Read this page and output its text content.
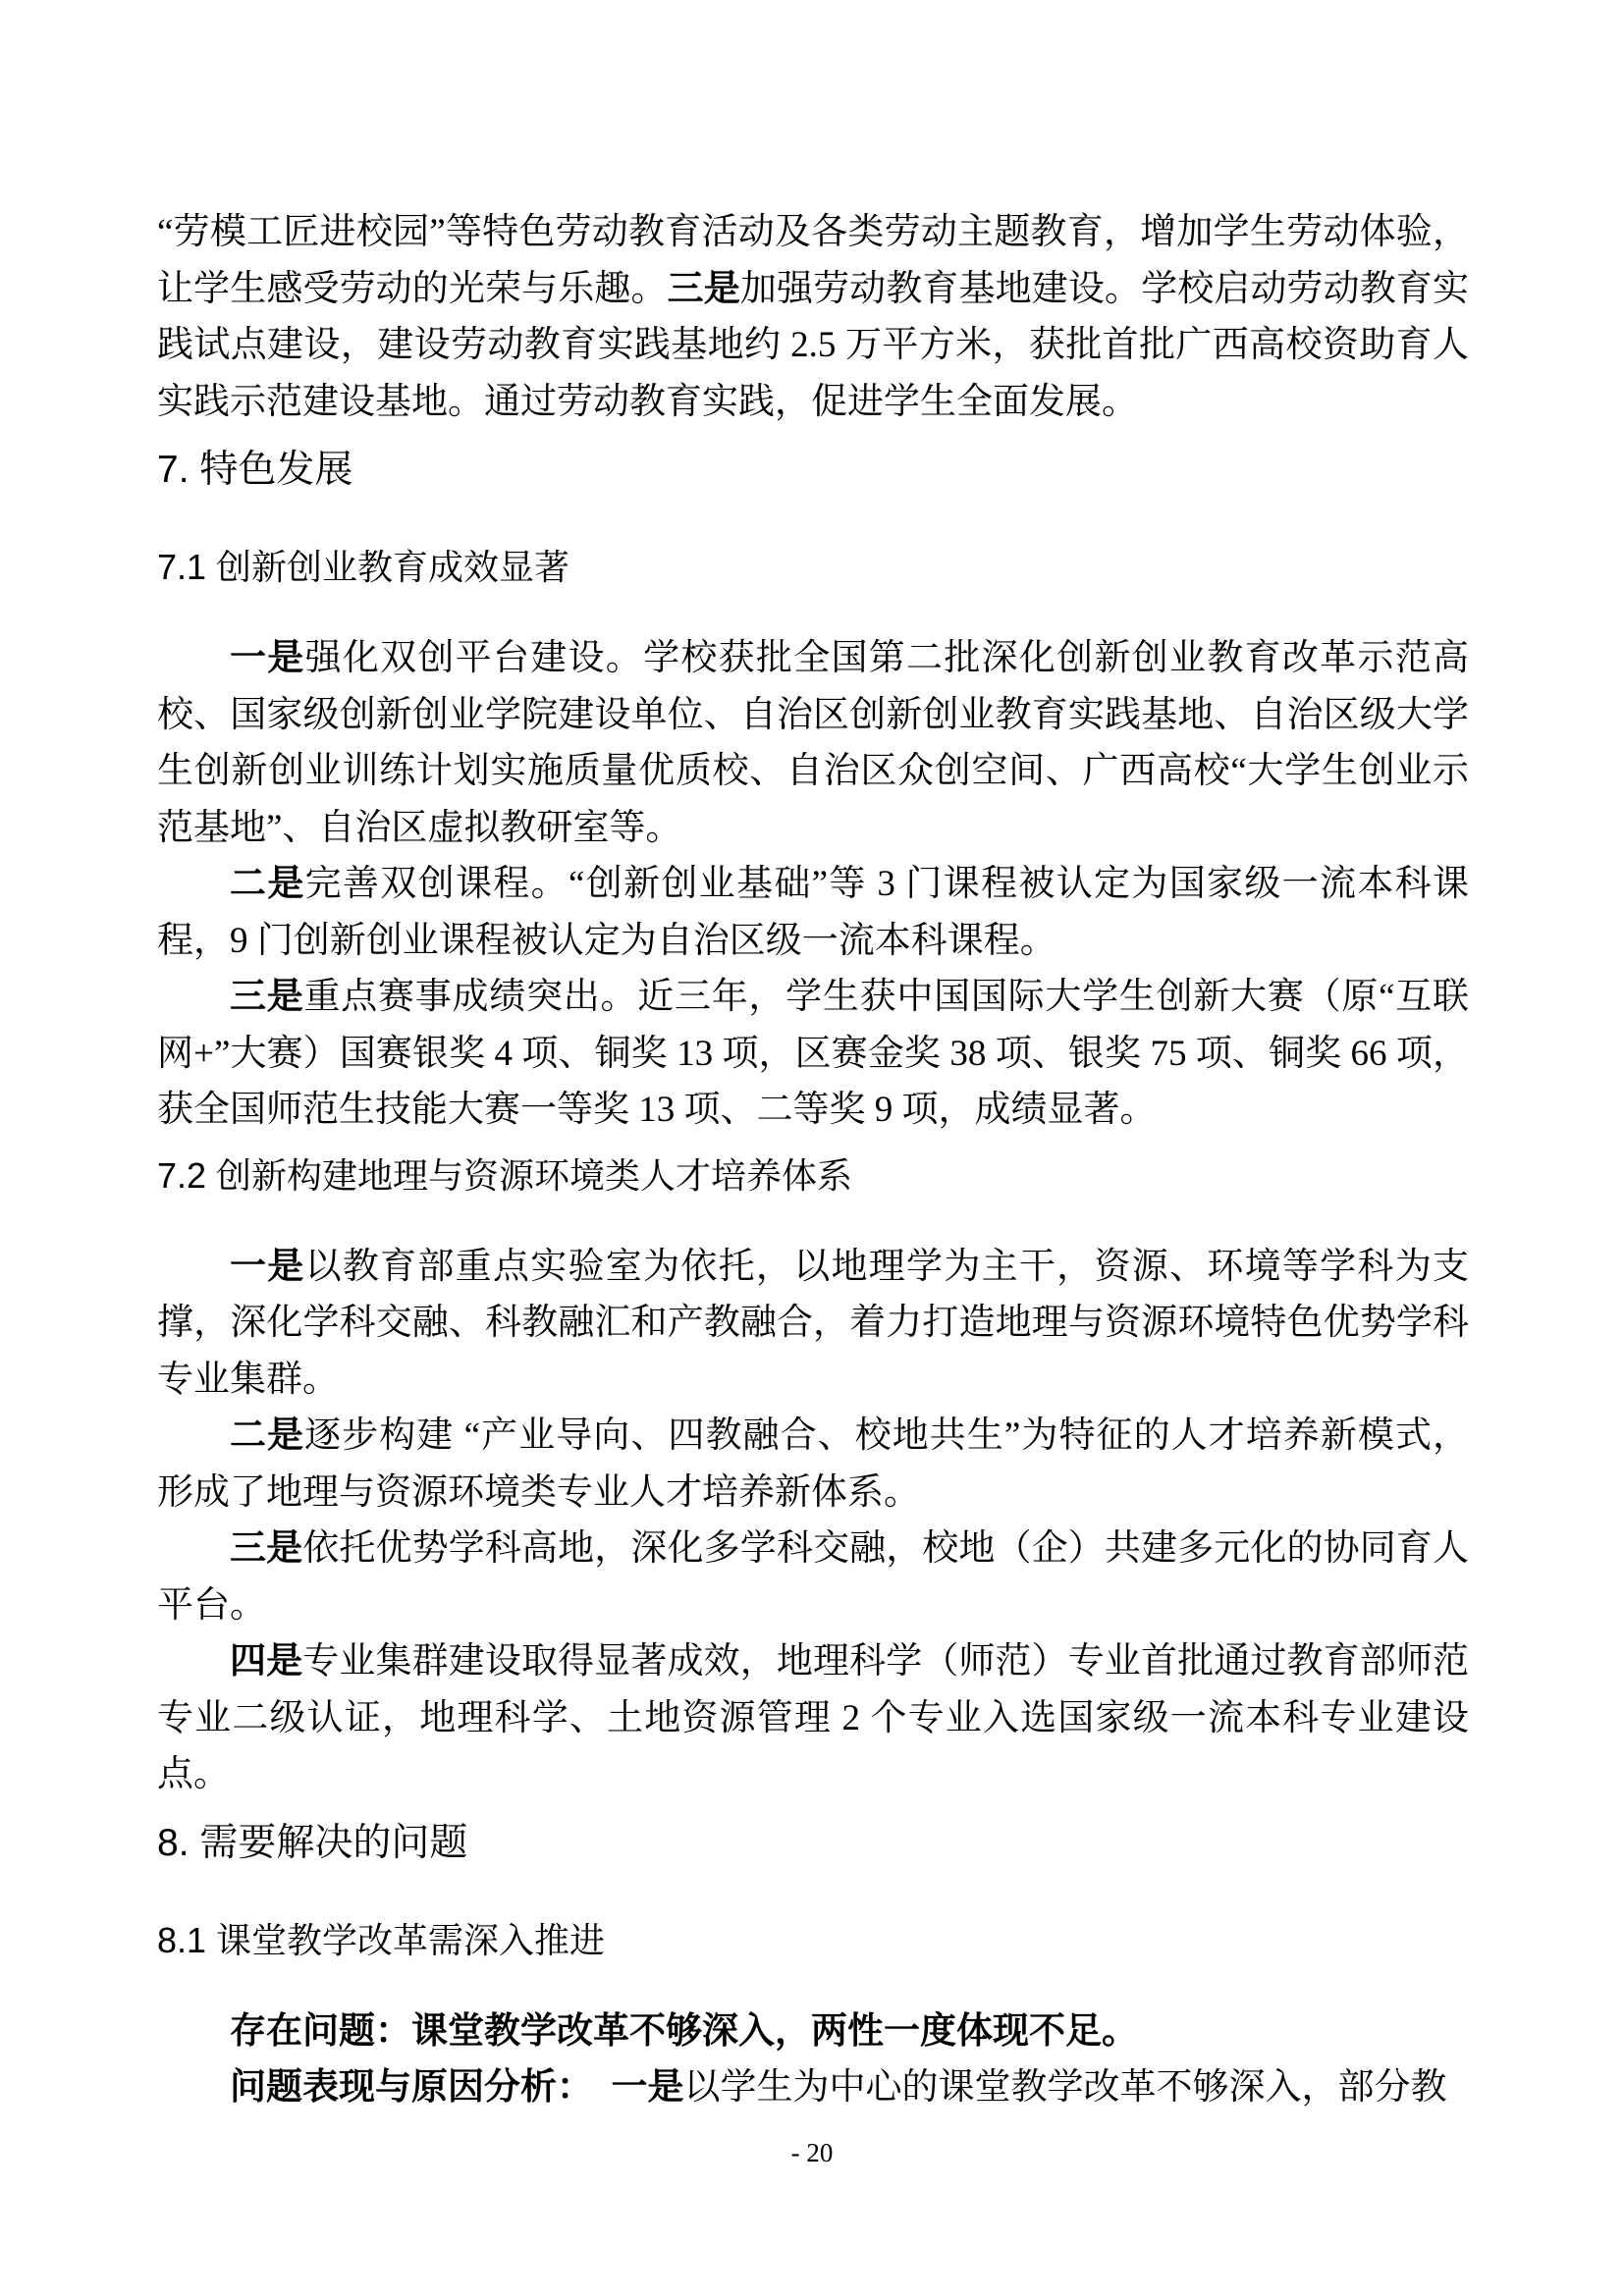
“劳模工匠进校园”等特色劳动教育活动及各类劳动主题教育，增加学生劳动体验，让学生感受劳动的光荣与乐趣。三是加强劳动教育基地建设。学校启动劳动教育实践试点建设，建设劳动教育实践基地约 2.5 万平方米，获批首批广西高校资助育人实践示范建设基地。通过劳动教育实践，促进学生全面发展。

7. 特色发展
7.1 创新创业教育成效显著

一是强化双创平台建设。学校获批全国第二批深化创新创业教育改革示范高校、国家级创新创业学院建设单位、自治区创新创业教育实践基地、自治区级大学生创新创业训练计划实施质量优质校、自治区众创空间、广西高校“大学生创业示范基地”、自治区虚拟教研室等。

二是完善双创课程。“创新创业基础”等 3 门课程被认定为国家级一流本科课程，9 门创新创业课程被认定为自治区级一流本科课程。

三是重点赛事成绩突出。近三年，学生获中国国际大学生创新大赛（原“互联网+”大赛）国赛银奖 4 项、铜奖 13 项，区赛金奖 38 项、银奖 75 项、铜奖 66 项，获全国师范生技能大赛一等奖 13 项、二等奖 9 项，成绩显著。

7.2 创新构建地理与资源环境类人才培养体系

一是以教育部重点实验室为依托，以地理学为主干，资源、环境等学科为支撑，深化学科交融、科教融汇和产教融合，着力打造地理与资源环境特色优势学科专业集群。

二是逐步构建 “产业导向、四教融合、校地共生”为特征的人才培养新模式，形成了地理与资源环境类专业人才培养新体系。

三是依托优势学科高地，深化多学科交融，校地（企）共建多元化的协同育人平台。

四是专业集群建设取得显著成效，地理科学（师范）专业首批通过教育部师范专业二级认证，地理科学、土地资源管理 2 个专业入选国家级一流本科专业建设点。

8. 需要解决的问题
8.1 课堂教学改革需深入推进

存在问题：课堂教学改革不够深入，两性一度体现不足。

问题表现与原因分析：　一是以学生为中心的课堂教学改革不够深入，部分教

- 20
